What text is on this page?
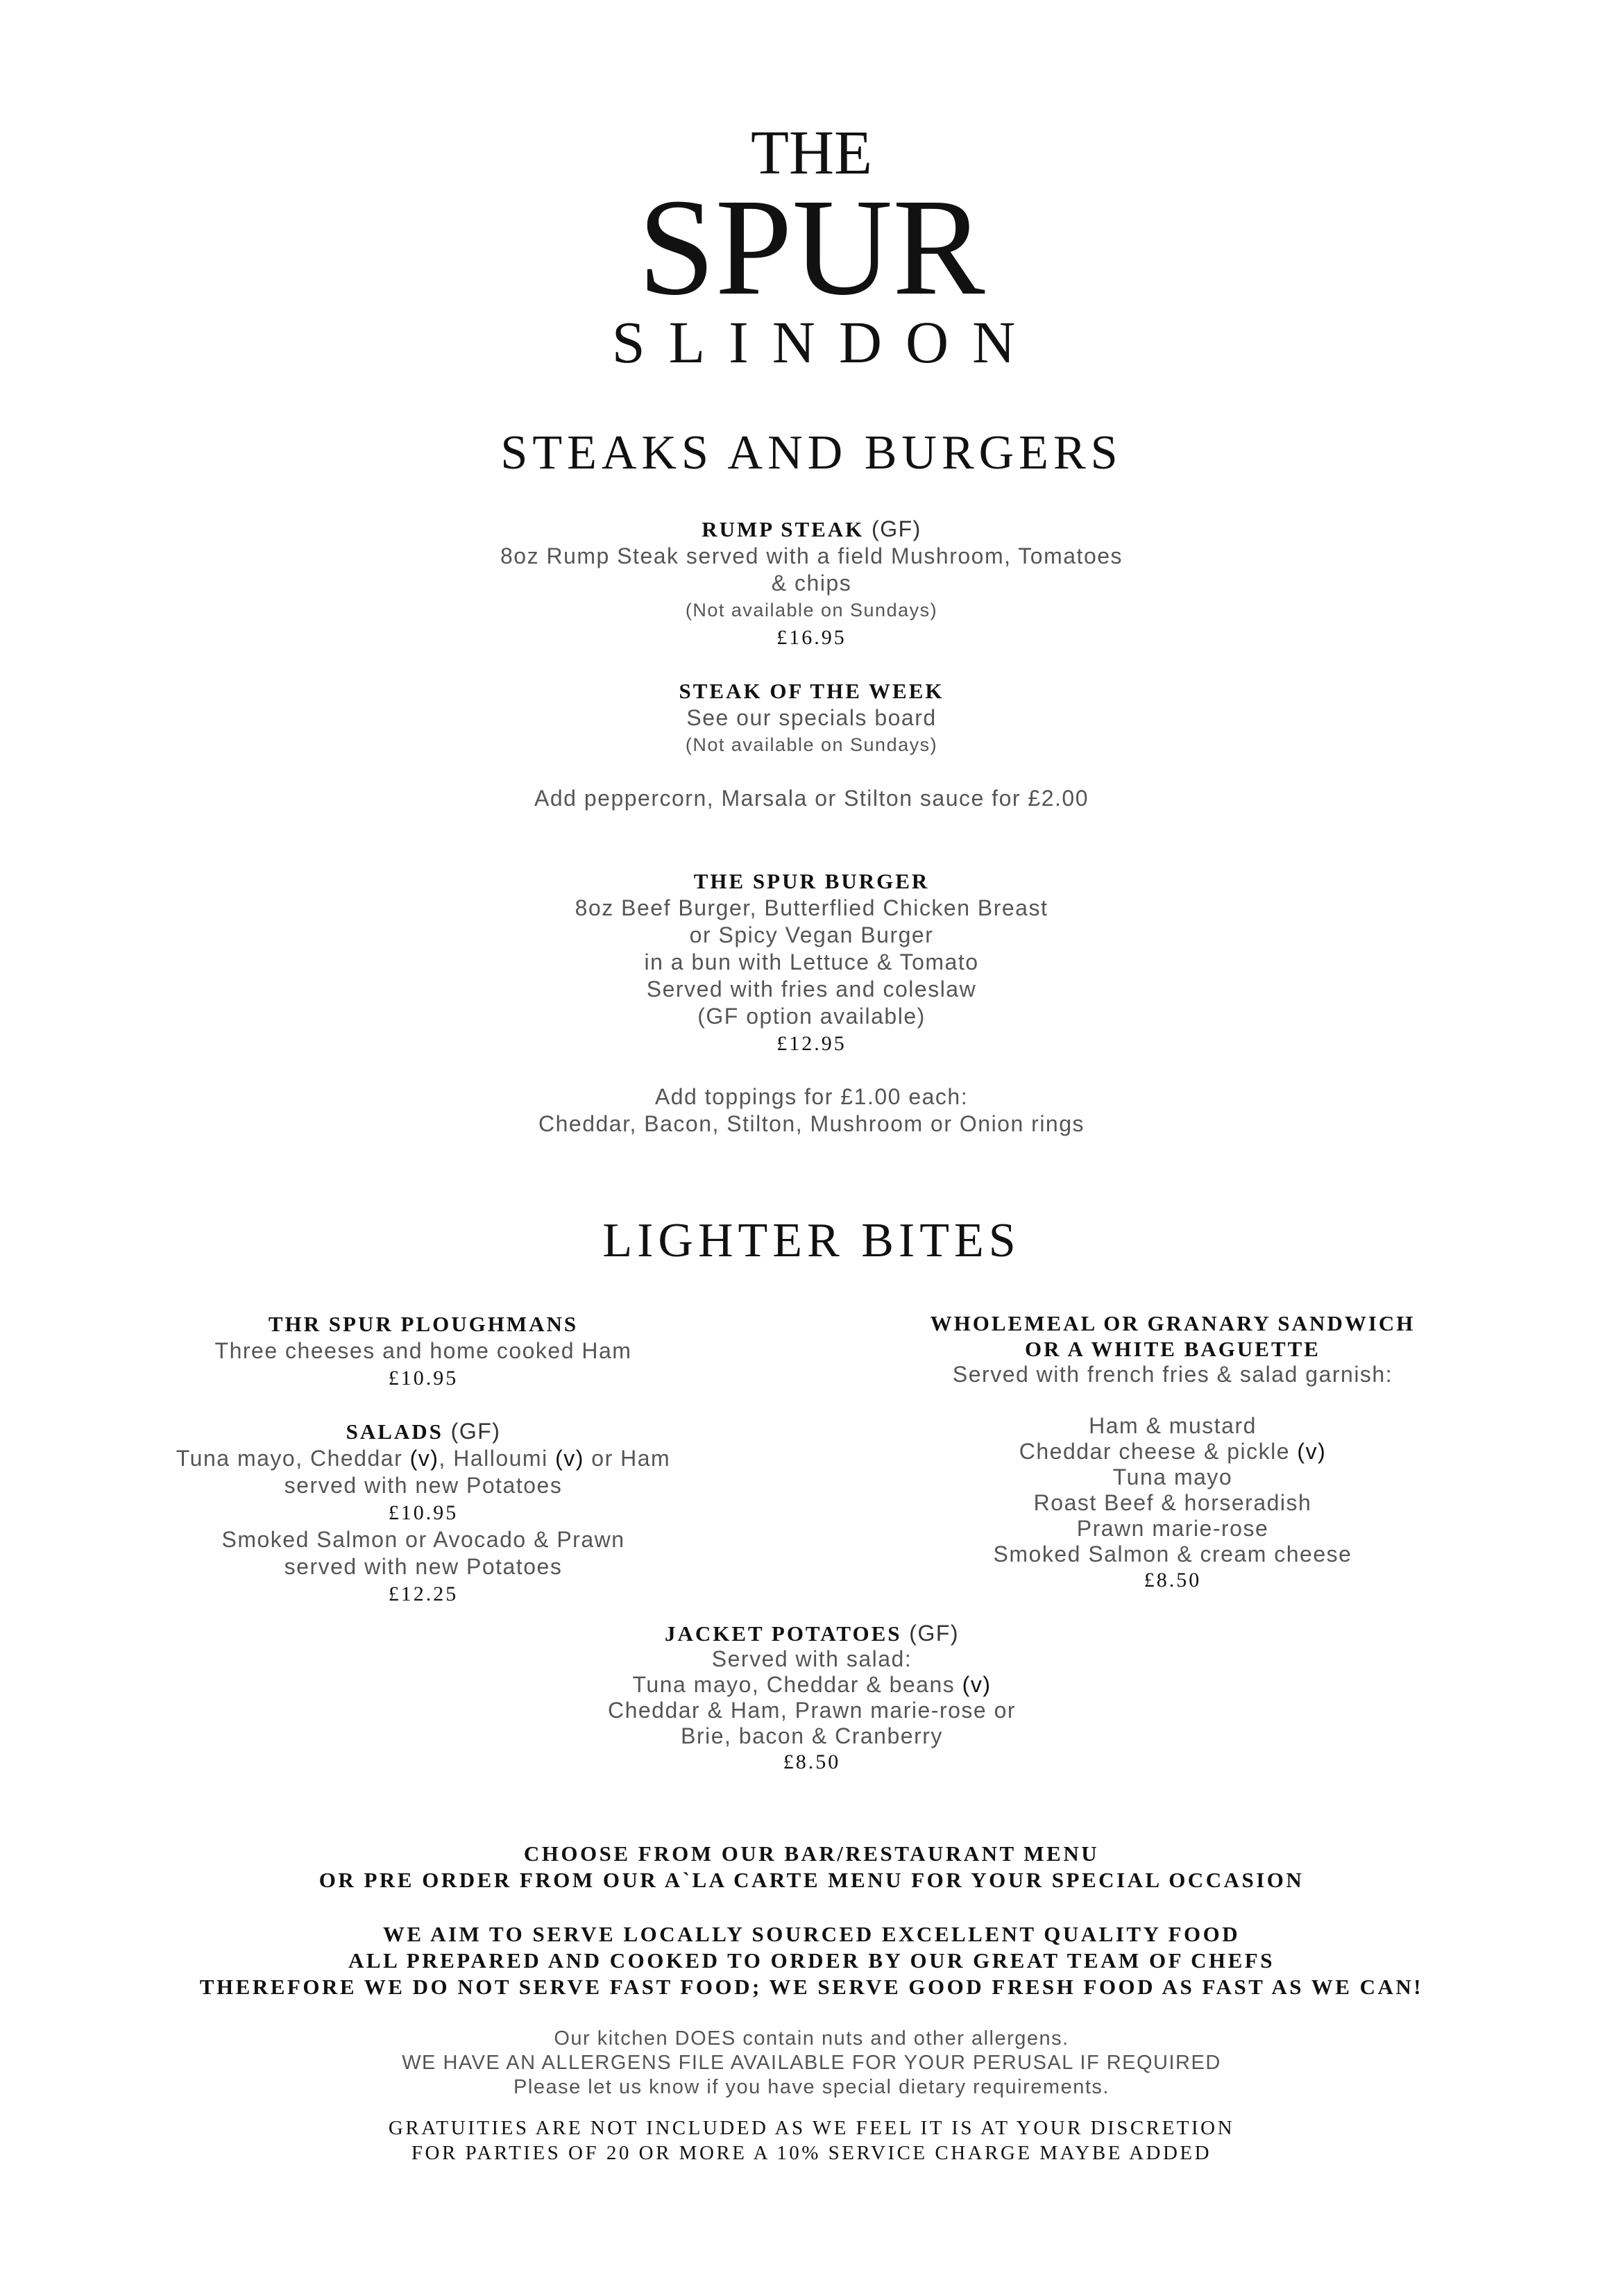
THE
SPUR
SLINDON
STEAKS AND BURGERS
RUMP STEAK (GF)
8oz Rump Steak served with a field Mushroom, Tomatoes
& chips
(Not available on Sundays)
£16.95
STEAK OF THE WEEK
See our specials board
(Not available on Sundays)
Add peppercorn, Marsala or Stilton sauce for £2.00
THE SPUR BURGER
8oz Beef Burger, Butterflied Chicken Breast
or Spicy Vegan Burger
in a bun with Lettuce & Tomato
Served with fries and coleslaw
(GF option available)
£12.95
Add toppings for £1.00 each:
Cheddar, Bacon, Stilton, Mushroom or Onion rings
LIGHTER BITES
THR SPUR PLOUGHMANS
Three cheeses and home cooked Ham
£10.95
SALADS (GF)
Tuna mayo, Cheddar (v), Halloumi (v) or Ham
served with new Potatoes
£10.95
Smoked Salmon or Avocado & Prawn
served with new Potatoes
£12.25
WHOLEMEAL OR GRANARY SANDWICH
OR A WHITE BAGUETTE
Served with french fries & salad garnish:
Ham & mustard
Cheddar cheese & pickle (v)
Tuna mayo
Roast Beef & horseradish
Prawn marie-rose
Smoked Salmon & cream cheese
£8.50
JACKET POTATOES (GF)
Served with salad:
Tuna mayo, Cheddar & beans (v)
Cheddar & Ham, Prawn marie-rose or
Brie, bacon & Cranberry
£8.50
CHOOSE FROM OUR BAR/RESTAURANT MENU
OR PRE ORDER FROM OUR A`LA CARTE MENU FOR YOUR SPECIAL OCCASION
WE AIM TO SERVE LOCALLY SOURCED EXCELLENT QUALITY FOOD
ALL PREPARED AND COOKED TO ORDER BY OUR GREAT TEAM OF CHEFS
THEREFORE WE DO NOT SERVE FAST FOOD; WE SERVE GOOD FRESH FOOD AS FAST AS WE CAN!
Our kitchen DOES contain nuts and other allergens.
WE HAVE AN ALLERGENS FILE AVAILABLE FOR YOUR PERUSAL IF REQUIRED
Please let us know if you have special dietary requirements.
GRATUITIES ARE NOT INCLUDED AS WE FEEL IT IS AT YOUR DISCRETION
FOR PARTIES OF 20 OR MORE A 10% SERVICE CHARGE MAYBE ADDED
